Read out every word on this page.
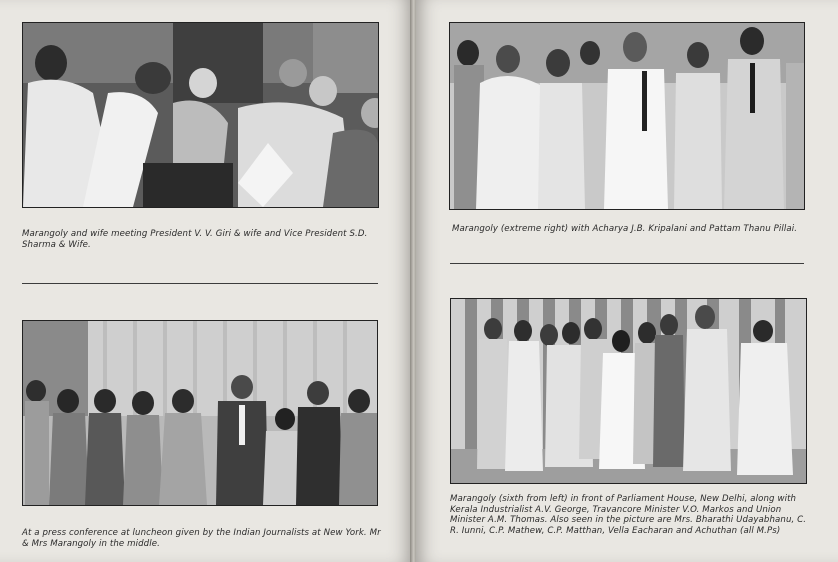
Marangoly and wife meeting President V. V. Giri & wife and Vice President S.D. Sharma & Wife.
At a press conference at luncheon given by the Indian Journalists at New York. Mr & Mrs Marangoly in the middle.
Marangoly (extreme right) with Acharya J.B. Kripalani and Pattam Thanu Pillai.
Marangoly (sixth from left) in front of Parliament House, New Delhi, along with Kerala Industrialist A.V. George, Travancore Minister V.O. Markos and Union Minister A.M. Thomas. Also seen in the picture are Mrs. Bharathi Udayabhanu, C. R. Iunni, C.P. Mathew, C.P. Matthan, Vella Eacharan and Achuthan (all M.Ps)
